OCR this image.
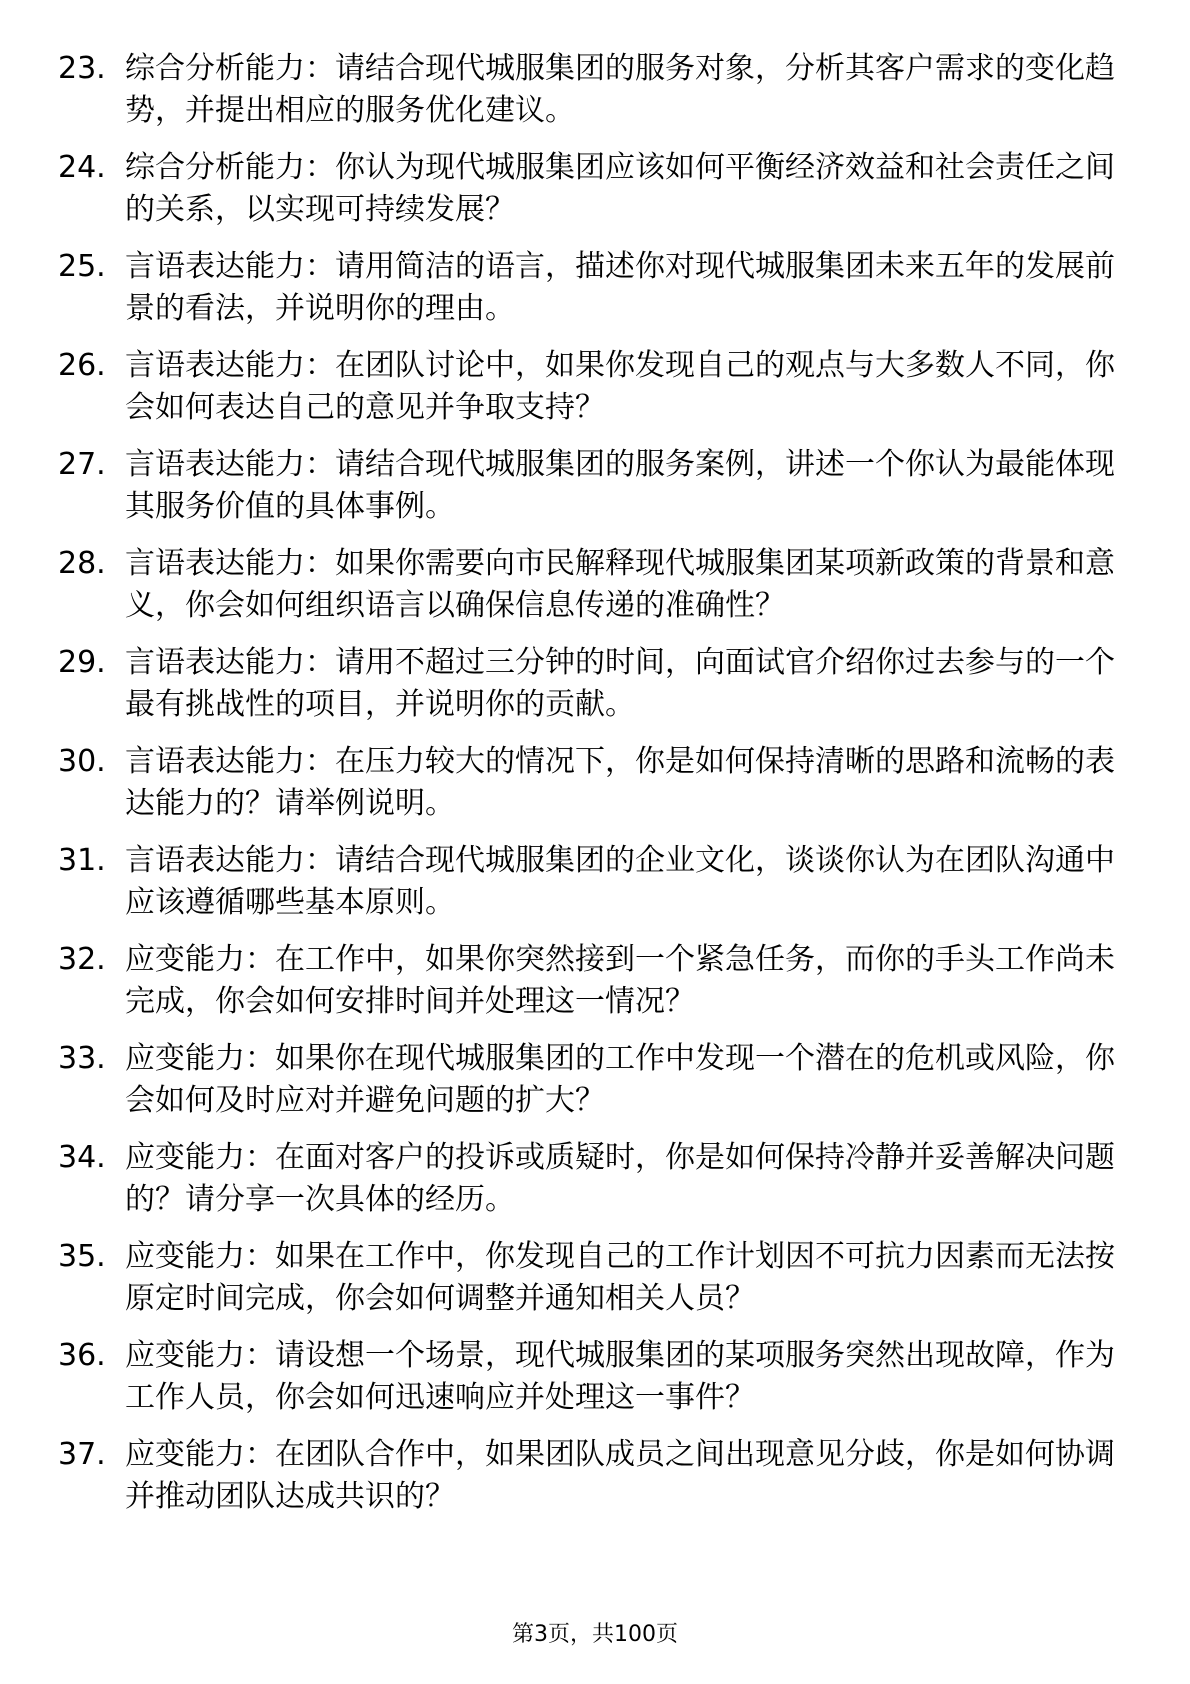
23. 综合分析能力：请结合现代城服集团的服务对象，分析其客户需求的变化趋势，并提出相应的服务优化建议。
24. 综合分析能力：你认为现代城服集团应该如何平衡经济效益和社会责任之间的关系，以实现可持续发展？
25. 言语表达能力：请用简洁的语言，描述你对现代城服集团未来五年的发展前景的看法，并说明你的理由。
26. 言语表达能力：在团队讨论中，如果你发现自己的观点与大多数人不同，你会如何表达自己的意见并争取支持？
27. 言语表达能力：请结合现代城服集团的服务案例，讲述一个你认为最能体现其服务价值的具体事例。
28. 言语表达能力：如果你需要向市民解释现代城服集团某项新政策的背景和意义，你会如何组织语言以确保信息传递的准确性？
29. 言语表达能力：请用不超过三分钟的时间，向面试官介绍你过去参与的一个最有挑战性的项目，并说明你的贡献。
30. 言语表达能力：在压力较大的情况下，你是如何保持清晰的思路和流畅的表达能力的？请举例说明。
31. 言语表达能力：请结合现代城服集团的企业文化，谈谈你认为在团队沟通中应该遵循哪些基本原则。
32. 应变能力：在工作中，如果你突然接到一个紧急任务，而你的手头工作尚未完成，你会如何安排时间并处理这一情况？
33. 应变能力：如果你在现代城服集团的工作中发现一个潜在的危机或风险，你会如何及时应对并避免问题的扩大？
34. 应变能力：在面对客户的投诉或质疑时，你是如何保持冷静并妥善解决问题的？请分享一次具体的经历。
35. 应变能力：如果在工作中，你发现自己的工作计划因不可抗力因素而无法按原定时间完成，你会如何调整并通知相关人员？
36. 应变能力：请设想一个场景，现代城服集团的某项服务突然出现故障，作为工作人员，你会如何迅速响应并处理这一事件？
37. 应变能力：在团队合作中，如果团队成员之间出现意见分歧，你是如何协调并推动团队达成共识的？
第3页，共100页
